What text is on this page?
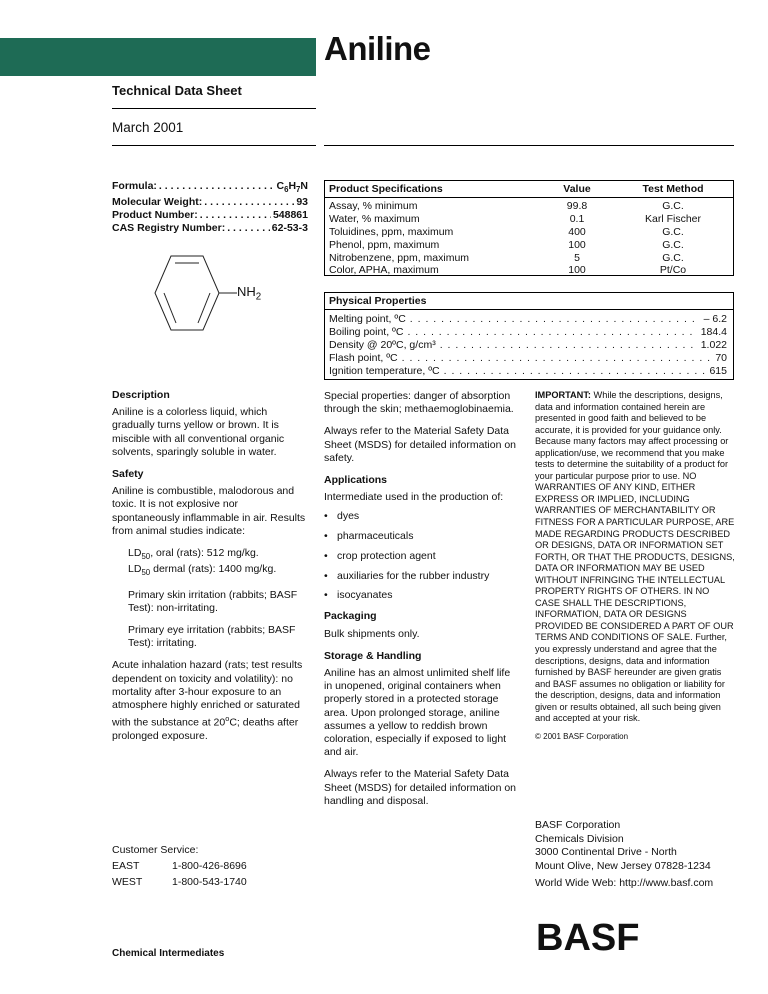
Aniline
Technical Data Sheet
March 2001
Formula: . . .	$C_6H_7N$
Molecular Weight: . . .	93
Product Number: . . .	548861
CAS Registry Number: . . .	62-53-3
$NH_2$
Product Specifications	Value	Test Method
Assay, % minimum	99.8	G.C.
Water, % maximum	0.1	Karl Fischer
Toluidines, ppm, maximum	400	G.C.
Phenol, ppm, maximum	100	G.C.
Nitrobenzene, ppm, maximum	5	G.C.
Color, APHA, maximum	100	Pt/Co
Physical Properties
Melting point, ºC . . .	– 6.2
Boiling point, ºC . . .	184.4
Density @ 20ºC, g/cm³ . . .	1.022
Flash point, ºC . . .	70
Ignition temperature, ºC . . .	615
Description

Aniline is a colorless liquid, which gradually turns yellow or brown. It is miscible with all conventional organic solvents, sparingly soluble in water.

Safety

Aniline is combustible, malodorous and toxic. It is not explosive nor spontaneously inflammable in air. Results from animal studies indicate:

$LD_{50}$, oral (rats): 512 mg/kg.
$LD_{50}$ dermal (rats): 1400 mg/kg.

Primary skin irritation (rabbits; BASF Test): non-irritating.

Primary eye irritation (rabbits; BASF Test): irritating.

Acute inhalation hazard (rats; test results dependent on toxicity and volatility): no mortality after 3-hour exposure to an atmosphere highly enriched or saturated with the substance at 20$^o$C; deaths after prolonged exposure.

Special properties: danger of absorption through the skin; methaemoglobinaemia.

Always refer to the Material Safety Data Sheet (MSDS) for detailed information on safety.

Applications

Intermediate used in the production of:

• dyes
• pharmaceuticals
• crop protection agent
• auxiliaries for the rubber industry
• isocyanates
Packaging

Bulk shipments only.

Storage & Handling

Aniline has an almost unlimited shelf life in unopened, original containers when properly stored in a protected storage area. Upon prolonged storage, aniline assumes a yellow to reddish brown coloration, especially if exposed to light and air.

Always refer to the Material Safety Data Sheet (MSDS) for detailed information on handling and disposal.

IMPORTANT: While the descriptions, designs, data and information contained herein are presented in good faith and believed to be accurate, it is provided for your guidance only. Because many factors may affect processing or application/use, we recommend that you make tests to determine the suitability of a product for your particular purpose prior to use. NO WARRANTIES OF ANY KIND, EITHER EXPRESS OR IMPLIED, INCLUDING WARRANTIES OF MERCHANTABILITY OR FITNESS FOR A PARTICULAR PURPOSE, ARE MADE REGARDING PRODUCTS DESCRIBED OR DESIGNS, DATA OR INFORMATION SET FORTH, OR THAT THE PRODUCTS, DESIGNS, DATA OR INFORMATION MAY BE USED WITHOUT INFRINGING THE INTELLECTUAL PROPERTY RIGHTS OF OTHERS. IN NO CASE SHALL THE DESCRIPTIONS, INFORMATION, DATA OR DESIGNS PROVIDED BE CONSIDERED A PART OF OUR TERMS AND CONDITIONS OF SALE. Further, you expressly understand and agree that the descriptions, designs, data and information furnished by BASF hereunder are given gratis and BASF assumes no obligation or liability for the description, designs, data and information given or results obtained, all such being given and accepted at your risk.
© 2001 BASF Corporation
Customer Service:
EAST	1-800-426-8696
WEST	1-800-543-1740
BASF Corporation
Chemicals Division
3000 Continental Drive - North
Mount Olive, New Jersey 07828-1234
World Wide Web: http://www.basf.com
BASF
Chemical Intermediates
